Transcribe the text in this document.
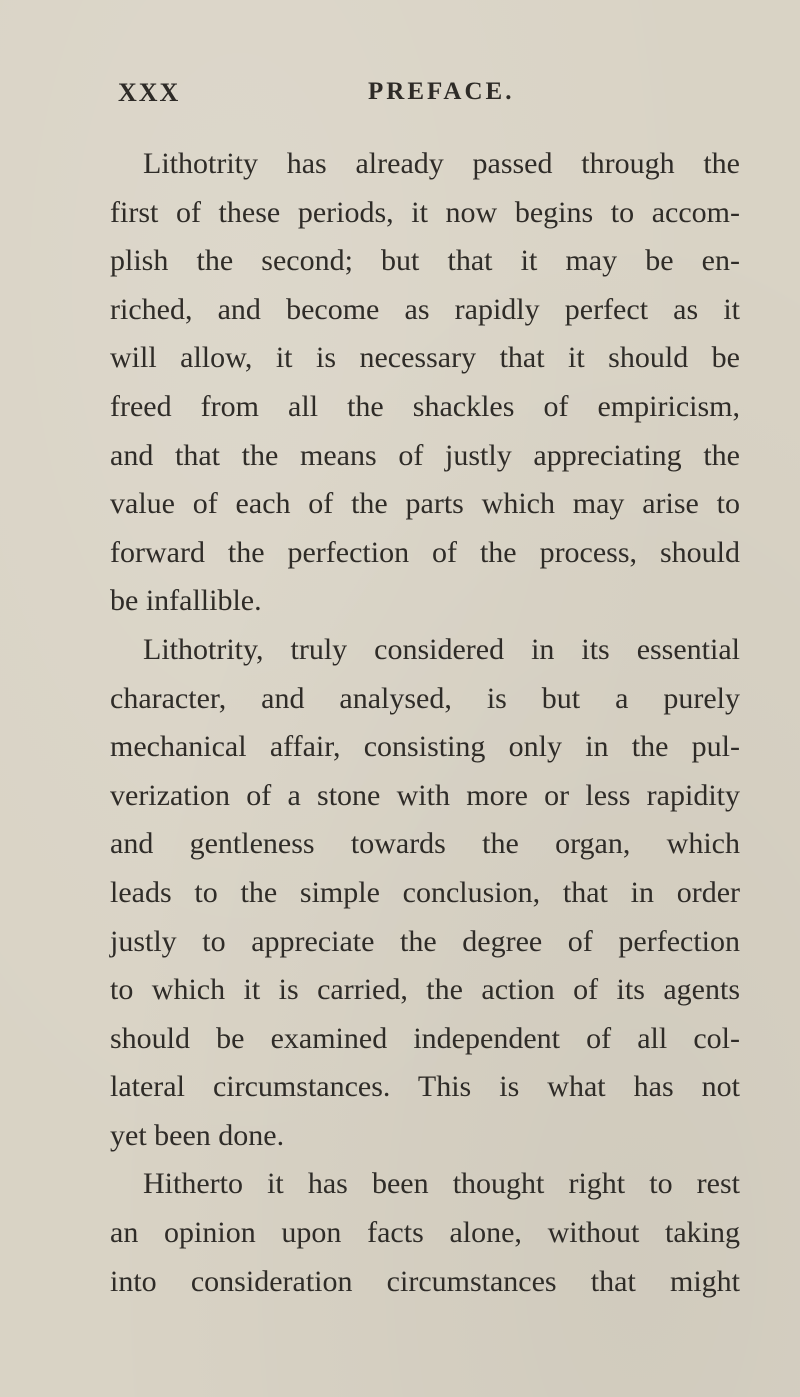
XXX	PREFACE.
Lithotrity has already passed through the
first of these periods, it now begins to accom-
plish the second; but that it may be en-
riched, and become as rapidly perfect as it
will allow, it is necessary that it should be
freed from all the shackles of empiricism,
and that the means of justly appreciating the
value of each of the parts which may arise to
forward the perfection of the process, should
be infallible.
Lithotrity, truly considered in its essential
character, and analysed, is but a purely
mechanical affair, consisting only in the pul-
verization of a stone with more or less rapidity
and gentleness towards the organ, which
leads to the simple conclusion, that in order
justly to appreciate the degree of perfection
to which it is carried, the action of its agents
should be examined independent of all col-
lateral circumstances. This is what has not
yet been done.
Hitherto it has been thought right to rest
an opinion upon facts alone, without taking
into consideration circumstances that might
